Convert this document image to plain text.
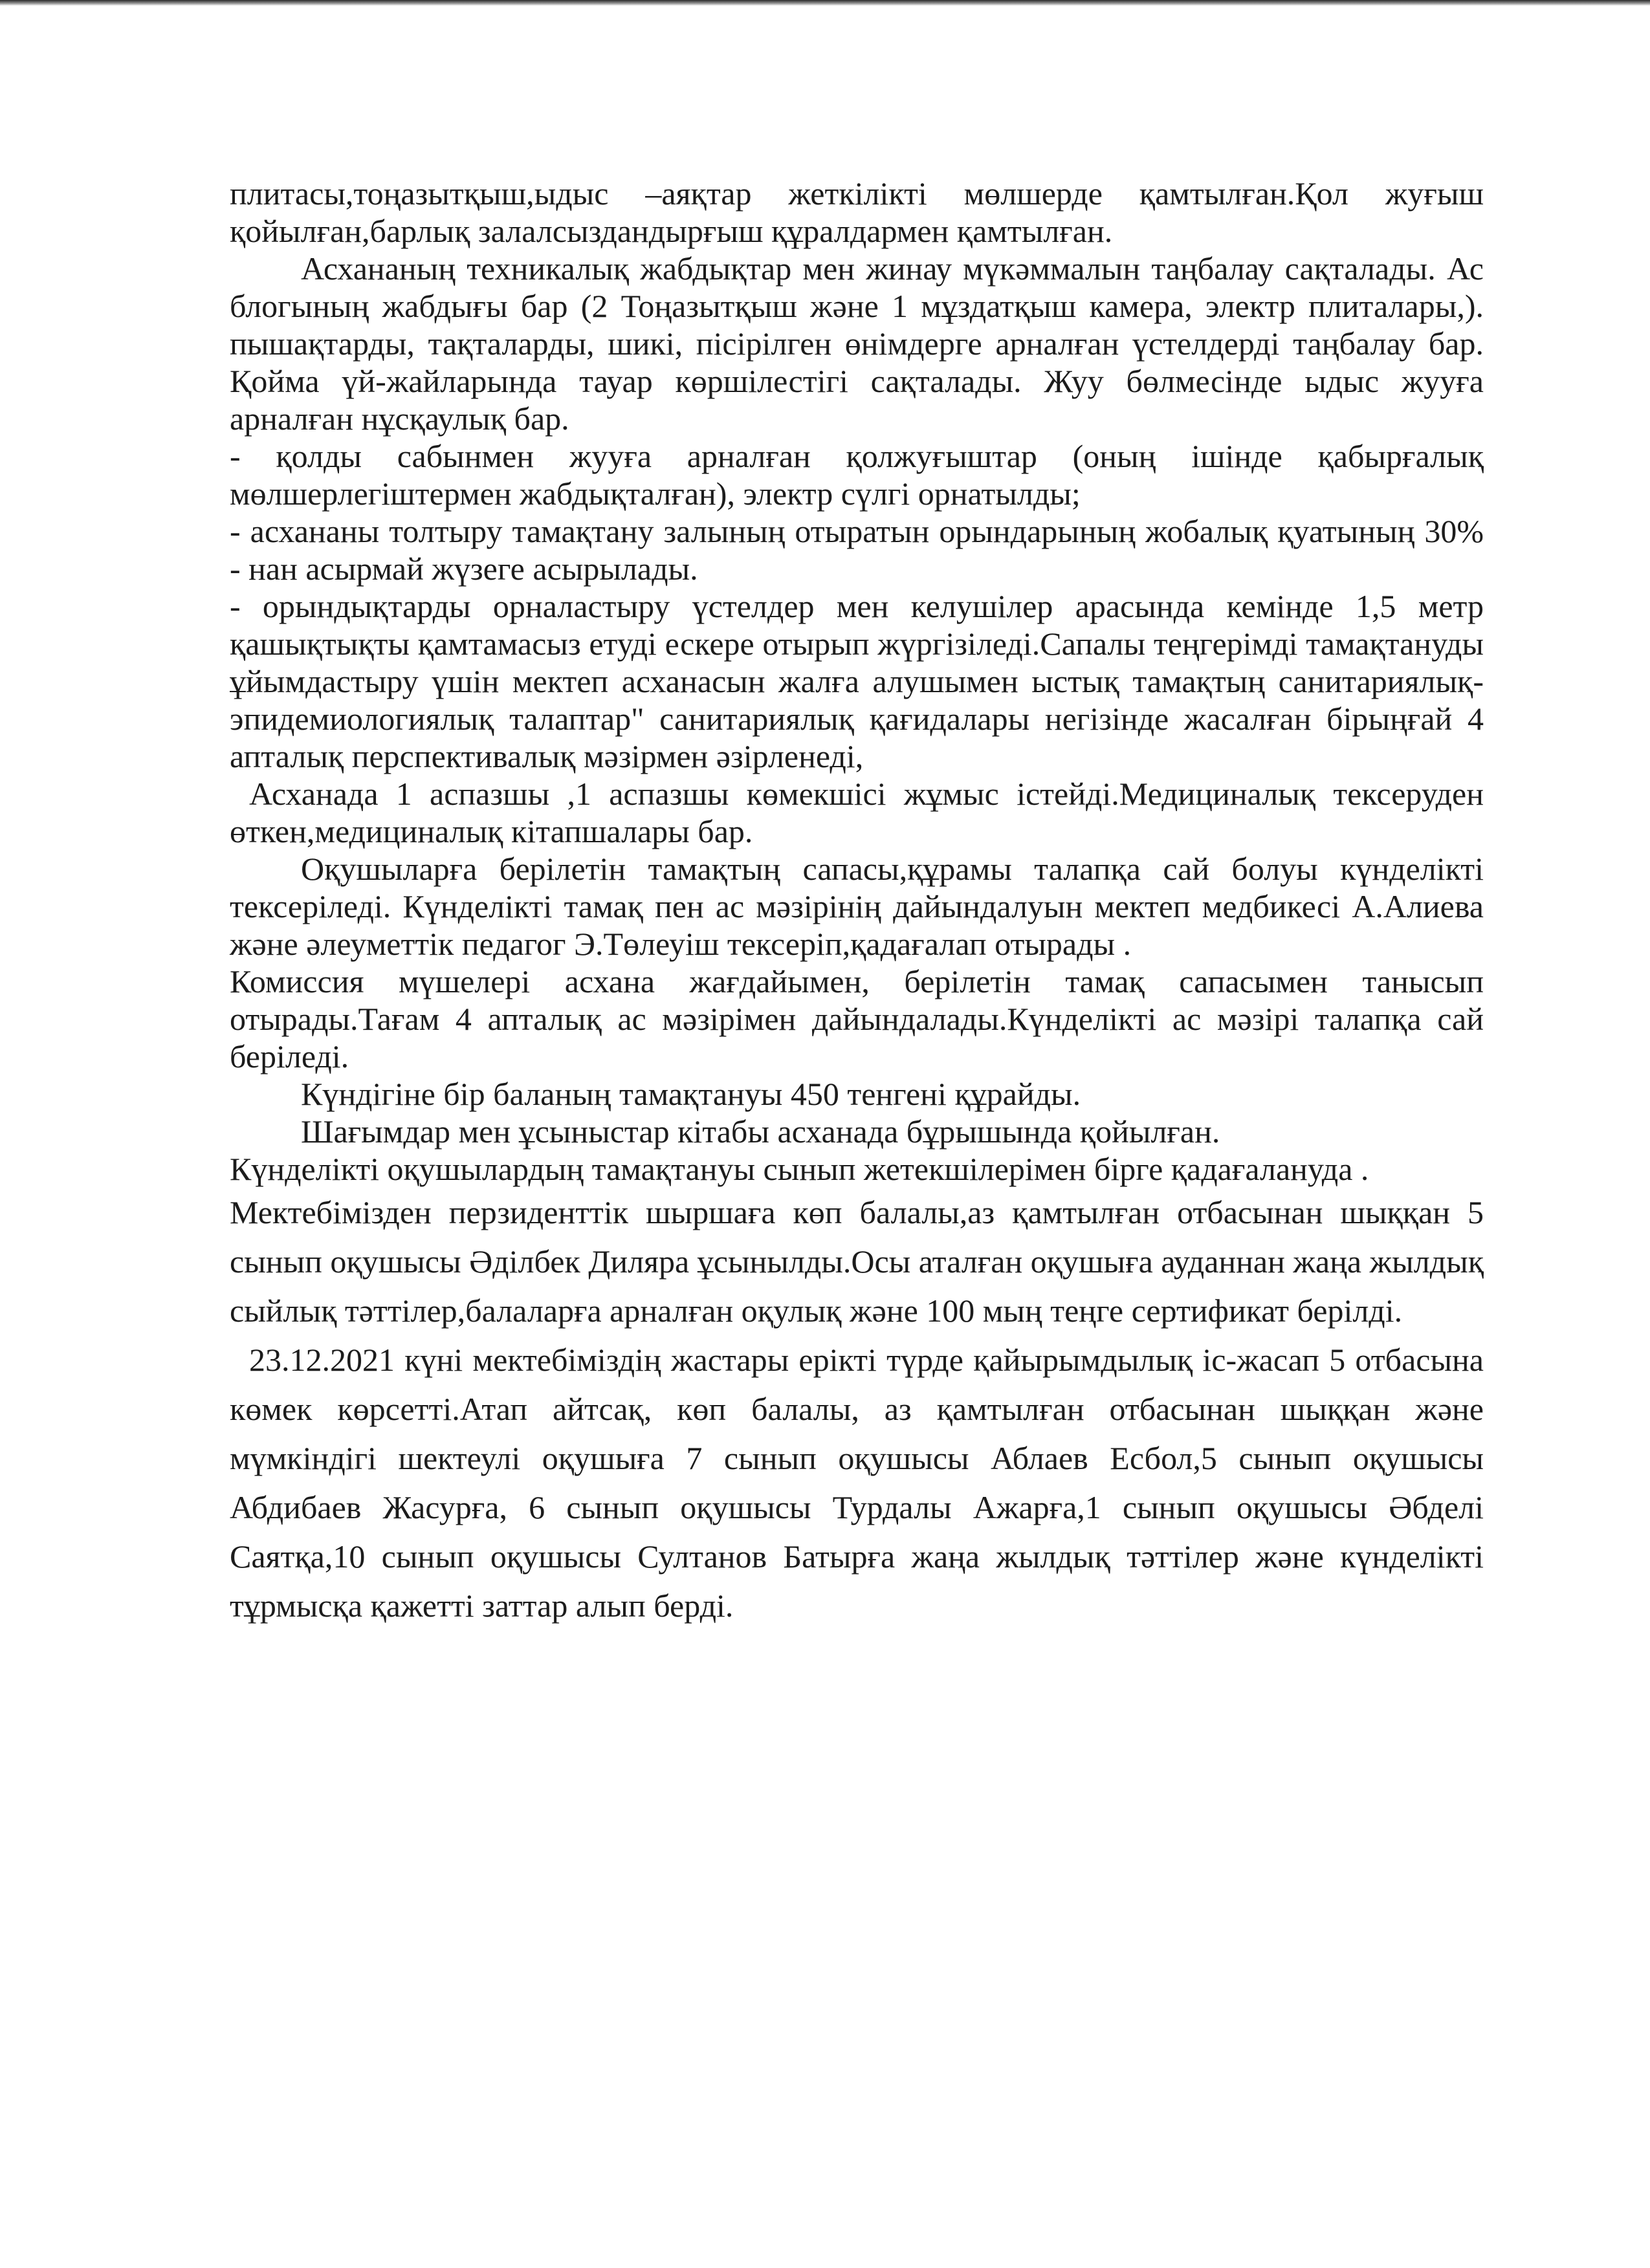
плитасы,тоңазытқыш,ыдыс –аяқтар жеткілікті мөлшерде қамтылған.Қол жуғыш қойылған,барлық залалсыздандырғыш құралдармен қамтылған.

Асхананың техникалық жабдықтар мен жинау мүкәммалын таңбалау сақталады. Ас блогының жабдығы бар (2 Тоңазытқыш және 1 мұздатқыш камера, электр плиталары,). пышақтарды, тақталарды, шикі, пісірілген өнімдерге арналған үстелдерді таңбалау бар. Қойма үй-жайларында тауар көршілестігі сақталады. Жуу бөлмесінде ыдыс жууға арналған нұсқаулық бар.

- қолды сабынмен жууға арналған қолжуғыштар (оның ішінде қабырғалық мөлшерлегіштермен жабдықталған), электр сүлгі орнатылды;

- асхананы толтыру тамақтану залының отыратын орындарының жобалық қуатының 30% - нан асырмай жүзеге асырылады.

- орындықтарды орналастыру үстелдер мен келушілер арасында кемінде 1,5 метр қашықтықты қамтамасыз етуді ескере отырып жүргізіледі.Сапалы теңгерімді тамақтануды ұйымдастыру үшін мектеп асханасын жалға алушымен ыстық тамақтың санитариялық-эпидемиологиялық талаптар" санитариялық қағидалары негізінде жасалған бірыңғай 4 апталық перспективалық мәзірмен әзірленеді,

Асханада 1 аспазшы ,1 аспазшы көмекшісі жұмыс істейді.Медициналық тексеруден өткен,медициналық кітапшалары бар.

Оқушыларға берілетін тамақтың сапасы,құрамы талапқа сай болуы күнделікті тексеріледі. Күнделікті тамақ пен ас мәзірінің дайындалуын мектеп медбикесі А.Алиева және әлеуметтік педагог Э.Төлеуіш тексеріп,қадағалап отырады .

Комиссия мүшелері асхана жағдайымен, берілетін тамақ сапасымен танысып отырады.Тағам 4 апталық ас мәзірімен дайындалады.Күнделікті ас мәзірі талапқа сай беріледі.

Күндігіне бір баланың тамақтануы 450 тенгені құрайды.

Шағымдар мен ұсыныстар кітабы асханада бұрышында қойылған.

Күнделікті оқушылардың тамақтануы сынып жетекшілерімен бірге қадағалануда .

Мектебімізден перзиденттік шыршаға көп балалы,аз қамтылған отбасынан шыққан 5 сынып оқушысы Әділбек Диляра ұсынылды.Осы аталған оқушыға ауданнан жаңа жылдық сыйлық тәттілер,балаларға арналған оқулық және 100 мың теңге сертификат берілді.

23.12.2021 күні мектебіміздің жастары ерікті түрде қайырымдылық іс-жасап 5 отбасына көмек көрсетті.Атап айтсақ, көп балалы, аз қамтылған отбасынан шыққан және мүмкіндігі шектеулі оқушыға 7 сынып оқушысы Аблаев Есбол,5 сынып оқушысы Абдибаев Жасурға, 6 сынып оқушысы Турдалы Ажарға,1 сынып оқушысы Әбделі Саятқа,10 сынып оқушысы Султанов Батырға жаңа жылдық тәттілер және күнделікті тұрмысқа қажетті заттар алып берді.
